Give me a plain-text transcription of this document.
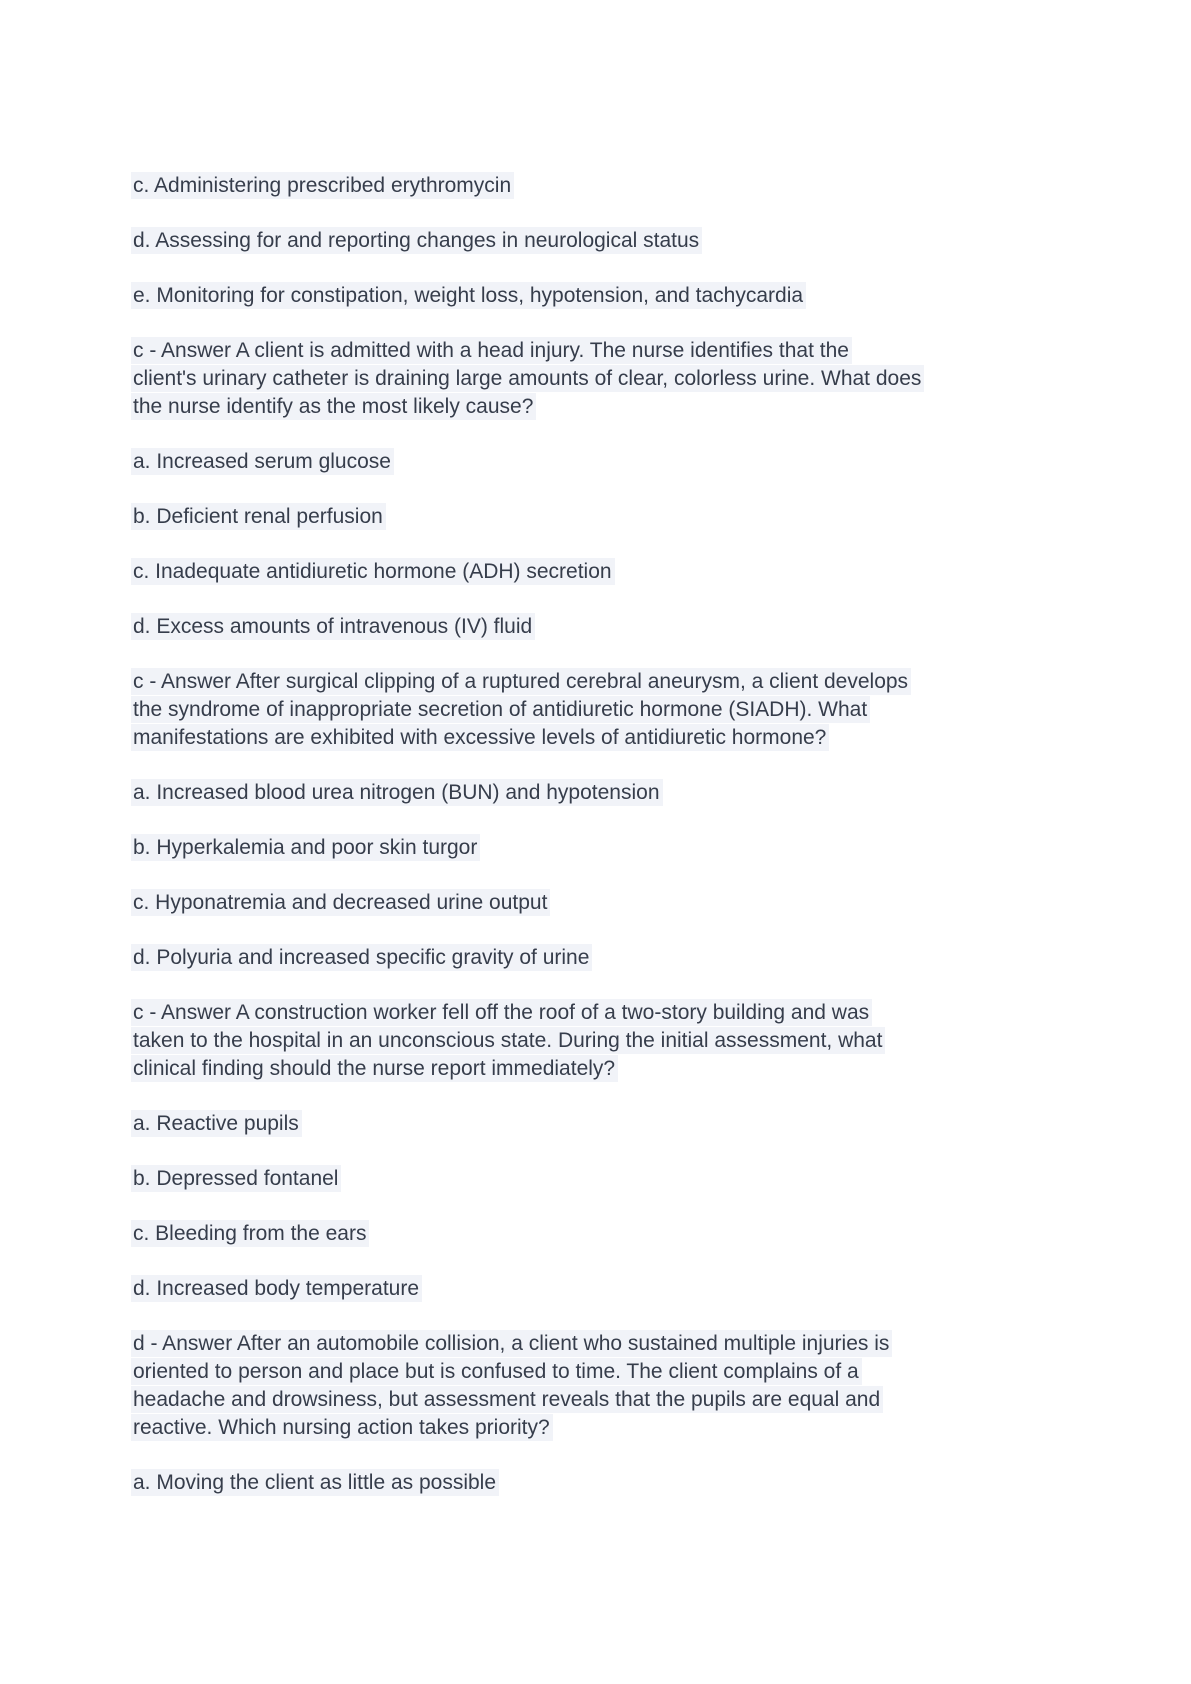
c. Administering prescribed erythromycin
d. Assessing for and reporting changes in neurological status
e. Monitoring for constipation, weight loss, hypotension, and tachycardia
c - Answer A client is admitted with a head injury. The nurse identifies that the
client's urinary catheter is draining large amounts of clear, colorless urine. What does
the nurse identify as the most likely cause?
a. Increased serum glucose
b. Deficient renal perfusion
c. Inadequate antidiuretic hormone (ADH) secretion
d. Excess amounts of intravenous (IV) fluid
c - Answer After surgical clipping of a ruptured cerebral aneurysm, a client develops
the syndrome of inappropriate secretion of antidiuretic hormone (SIADH). What
manifestations are exhibited with excessive levels of antidiuretic hormone?
a. Increased blood urea nitrogen (BUN) and hypotension
b. Hyperkalemia and poor skin turgor
c. Hyponatremia and decreased urine output
d. Polyuria and increased specific gravity of urine
c - Answer A construction worker fell off the roof of a two-story building and was
taken to the hospital in an unconscious state. During the initial assessment, what
clinical finding should the nurse report immediately?
a. Reactive pupils
b. Depressed fontanel
c. Bleeding from the ears
d. Increased body temperature
d - Answer After an automobile collision, a client who sustained multiple injuries is
oriented to person and place but is confused to time. The client complains of a
headache and drowsiness, but assessment reveals that the pupils are equal and
reactive. Which nursing action takes priority?
a. Moving the client as little as possible
